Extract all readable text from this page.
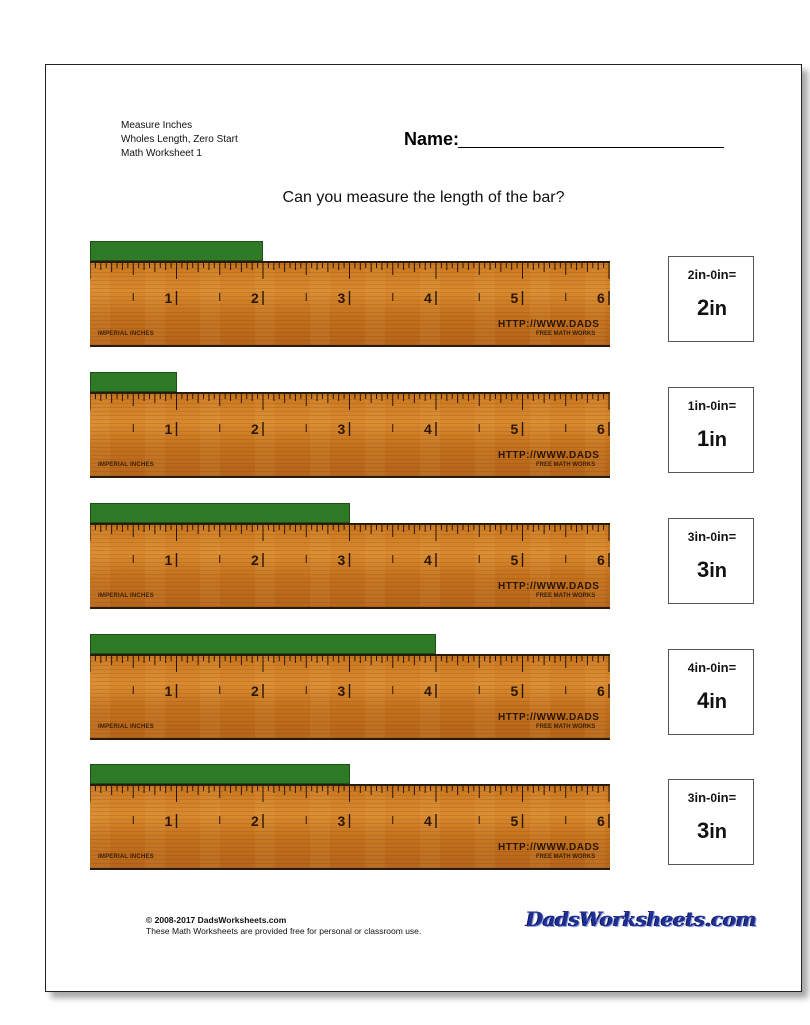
Measure Inches
Wholes Length, Zero Start
Math Worksheet 1
Name:
Can you measure the length of the bar?
1	2	3	4	5	6
IMPERIAL INCHES
HTTP://WWW.DADS
FREE MATH WORKS
2in-0in=
2in
1	2	3	4	5	6
IMPERIAL INCHES
HTTP://WWW.DADS
FREE MATH WORKS
1in-0in=
1in
1	2	3	4	5	6
IMPERIAL INCHES
HTTP://WWW.DADS
FREE MATH WORKS
3in-0in=
3in
1	2	3	4	5	6
IMPERIAL INCHES
HTTP://WWW.DADS
FREE MATH WORKS
4in-0in=
4in
1	2	3	4	5	6
IMPERIAL INCHES
HTTP://WWW.DADS
FREE MATH WORKS
3in-0in=
3in
© 2008-2017 DadsWorksheets.com
These Math Worksheets are provided free for personal or classroom use.	DadsWorksheets.com
